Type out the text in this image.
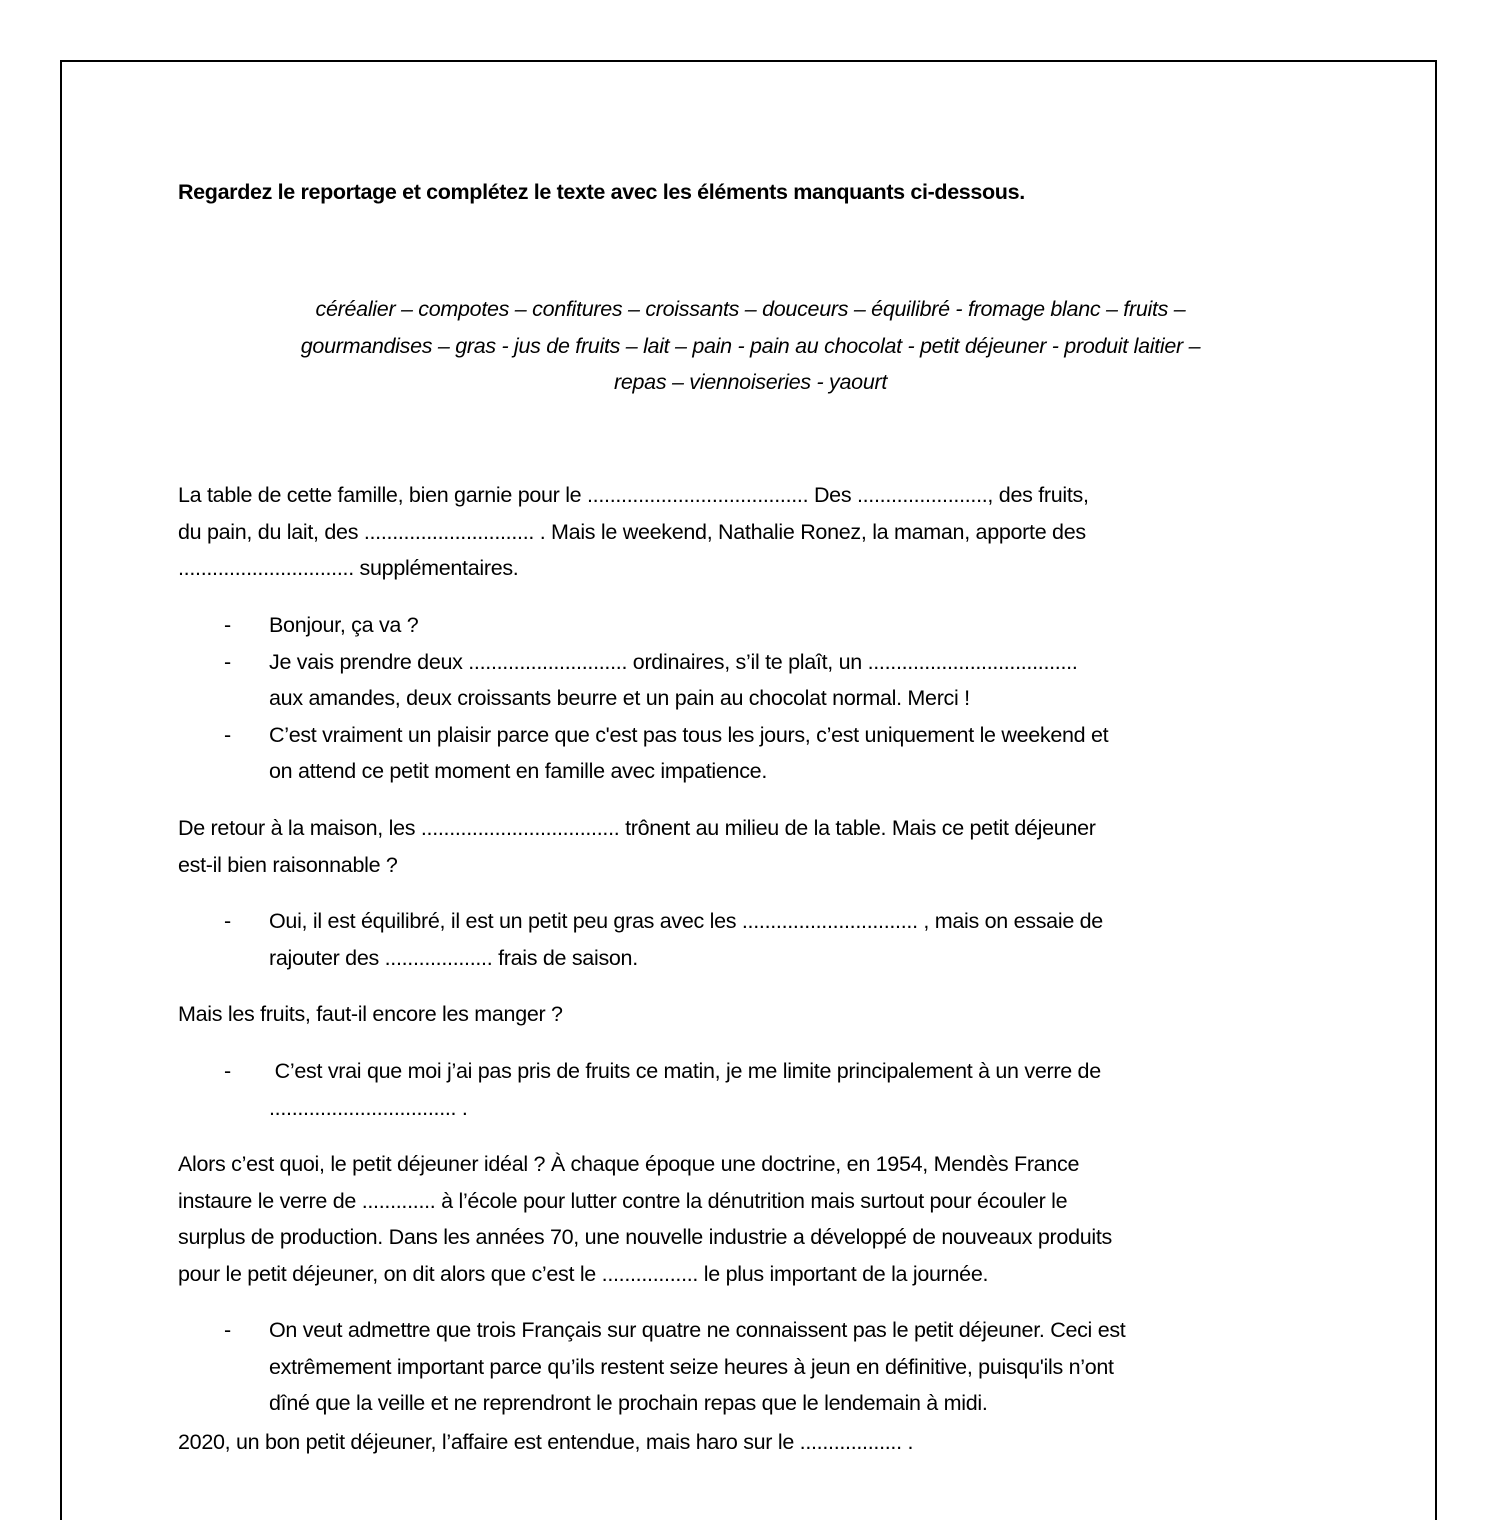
Regardez le reportage et complétez le texte avec les éléments manquants ci-dessous.
céréalier – compotes – confitures – croissants – douceurs – équilibré - fromage blanc – fruits –
gourmandises – gras - jus de fruits – lait – pain - pain au chocolat - petit déjeuner - produit laitier –
repas – viennoiseries - yaourt
La table de cette famille, bien garnie pour le ....................................... Des ......................., des fruits,
du pain, du lait, des .............................. . Mais le weekend, Nathalie Ronez, la maman, apporte des
............................... supplémentaires.
- Bonjour, ça va ?
- Je vais prendre deux ............................ ordinaires, s’il te plaît, un .....................................
aux amandes, deux croissants beurre et un pain au chocolat normal. Merci !
- C’est vraiment un plaisir parce que c'est pas tous les jours, c’est uniquement le weekend et
on attend ce petit moment en famille avec impatience.
De retour à la maison, les ................................... trônent au milieu de la table. Mais ce petit déjeuner
est-il bien raisonnable ?
- Oui, il est équilibré, il est un petit peu gras avec les ............................... , mais on essaie de
rajouter des ................... frais de saison.
Mais les fruits, faut-il encore les manger ?
- C’est vrai que moi j’ai pas pris de fruits ce matin, je me limite principalement à un verre de
................................. .
Alors c’est quoi, le petit déjeuner idéal ? À chaque époque une doctrine, en 1954, Mendès France
instaure le verre de ............. à l’école pour lutter contre la dénutrition mais surtout pour écouler le
surplus de production. Dans les années 70, une nouvelle industrie a développé de nouveaux produits
pour le petit déjeuner, on dit alors que c’est le ................. le plus important de la journée.
- On veut admettre que trois Français sur quatre ne connaissent pas le petit déjeuner. Ceci est
extrêmement important parce qu’ils restent seize heures à jeun en définitive, puisqu'ils n’ont
dîné que la veille et ne reprendront le prochain repas que le lendemain à midi.
2020, un bon petit déjeuner, l’affaire est entendue, mais haro sur le .................. .
